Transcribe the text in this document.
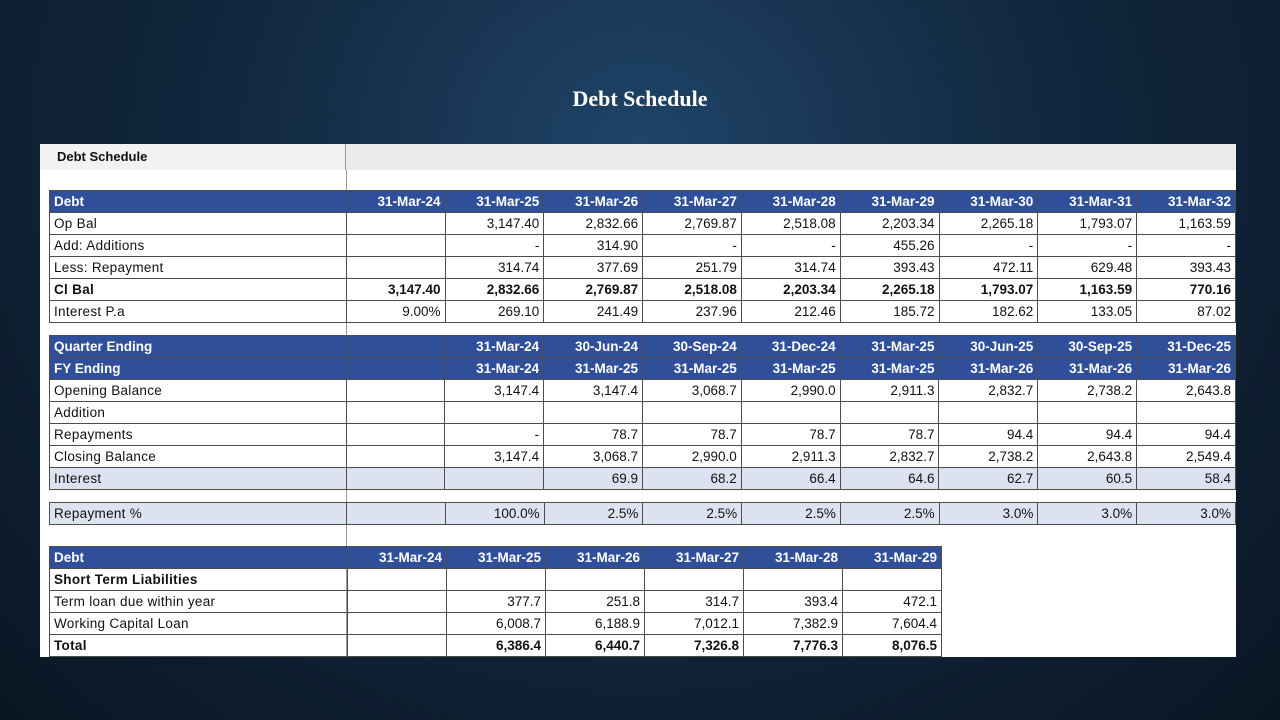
Debt Schedule
Debt Schedule
Debt	31-Mar-24	31-Mar-25	31-Mar-26	31-Mar-27	31-Mar-28	31-Mar-29	31-Mar-30	31-Mar-31	31-Mar-32
Op Bal		3,147.40	2,832.66	2,769.87	2,518.08	2,203.34	2,265.18	1,793.07	1,163.59
Add: Additions		-	314.90	-	-	455.26	-	-	-
Less: Repayment		314.74	377.69	251.79	314.74	393.43	472.11	629.48	393.43
Cl Bal	3,147.40	2,832.66	2,769.87	2,518.08	2,203.34	2,265.18	1,793.07	1,163.59	770.16
Interest P.a	9.00%	269.10	241.49	237.96	212.46	185.72	182.62	133.05	87.02
Quarter Ending		31-Mar-24	30-Jun-24	30-Sep-24	31-Dec-24	31-Mar-25	30-Jun-25	30-Sep-25	31-Dec-25
FY Ending		31-Mar-24	31-Mar-25	31-Mar-25	31-Mar-25	31-Mar-25	31-Mar-26	31-Mar-26	31-Mar-26
Opening Balance		3,147.4	3,147.4	3,068.7	2,990.0	2,911.3	2,832.7	2,738.2	2,643.8
Addition									
Repayments		-	78.7	78.7	78.7	78.7	94.4	94.4	94.4
Closing Balance		3,147.4	3,068.7	2,990.0	2,911.3	2,832.7	2,738.2	2,643.8	2,549.4
Interest			69.9	68.2	66.4	64.6	62.7	60.5	58.4
Repayment %		100.0%	2.5%	2.5%	2.5%	2.5%	3.0%	3.0%	3.0%
Debt	31-Mar-24	31-Mar-25	31-Mar-26	31-Mar-27	31-Mar-28	31-Mar-29
Short Term Liabilities						
Term loan due within year		377.7	251.8	314.7	393.4	472.1
Working Capital Loan		6,008.7	6,188.9	7,012.1	7,382.9	7,604.4
Total		6,386.4	6,440.7	7,326.8	7,776.3	8,076.5
